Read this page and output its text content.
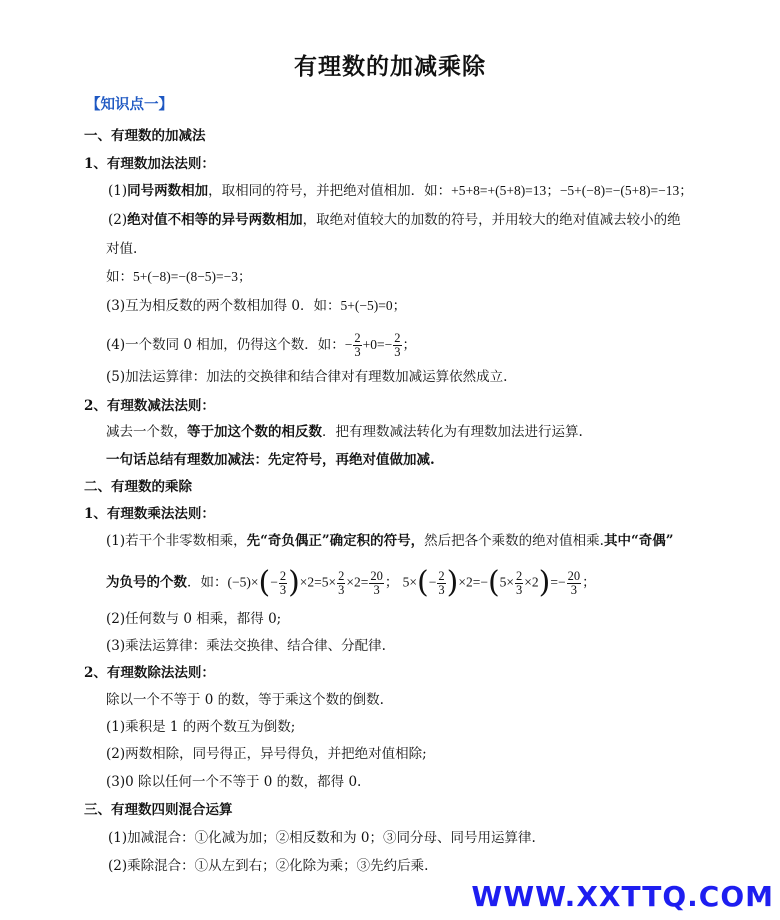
有理数的加减乘除
【知识点一】
一、有理数的加减法
1、有理数加法法则：
(1)同号两数相加，取相同的符号，并把绝对值相加．如：+5+8=+(5+8)=13；−5+(−8)=−(5+8)=−13；
(2)绝对值不相等的异号两数相加，取绝对值较大的加数的符号，并用较大的绝对值减去较小的绝
对值.
如：5+(−8)=−(8−5)=−3；
(3)互为相反数的两个数相加得 0．如：5+(−5)=0；
(4)一个数同 0 相加，仍得这个数．如：− $\frac{2}{3} +0=- \frac{2}{3}$ ；
(5)加法运算律：加法的交换律和结合律对有理数加减运算依然成立.
2、有理数减法法则：
减去一个数，等于加这个数的相反数．把有理数减法转化为有理数加法进行运算.
一句话总结有理数加减法：先定符号，再绝对值做加减.
二、有理数的乘除
1、有理数乘法法则：
(1)若干个非零数相乘，先“奇负偶正”确定积的符号，然后把各个乘数的绝对值相乘.其中“奇偶”
为负号的个数．如：$(-5)\times(- \frac{2}{3} )\times 2=5\times \frac{2}{3} \times 2= \frac{20}{3}$ ； $5\times(- \frac{2}{3} )\times 2=-(5\times \frac{2}{3} \times 2)=- \frac{20}{3}$ ；
(2)任何数与 0 相乘，都得 0;
(3)乘法运算律：乘法交换律、结合律、分配律.
2、有理数除法法则：
除以一个不等于 0 的数，等于乘这个数的倒数.
(1)乘积是 1 的两个数互为倒数;
(2)两数相除，同号得正，异号得负，并把绝对值相除;
(3)0 除以任何一个不等于 0 的数，都得 0.
三、有理数四则混合运算
(1)加减混合：①化减为加；②相反数和为 0；③同分母、同号用运算律.
(2)乘除混合：①从左到右；②化除为乘；③先约后乘.
WWW.XXTTQ.COM
